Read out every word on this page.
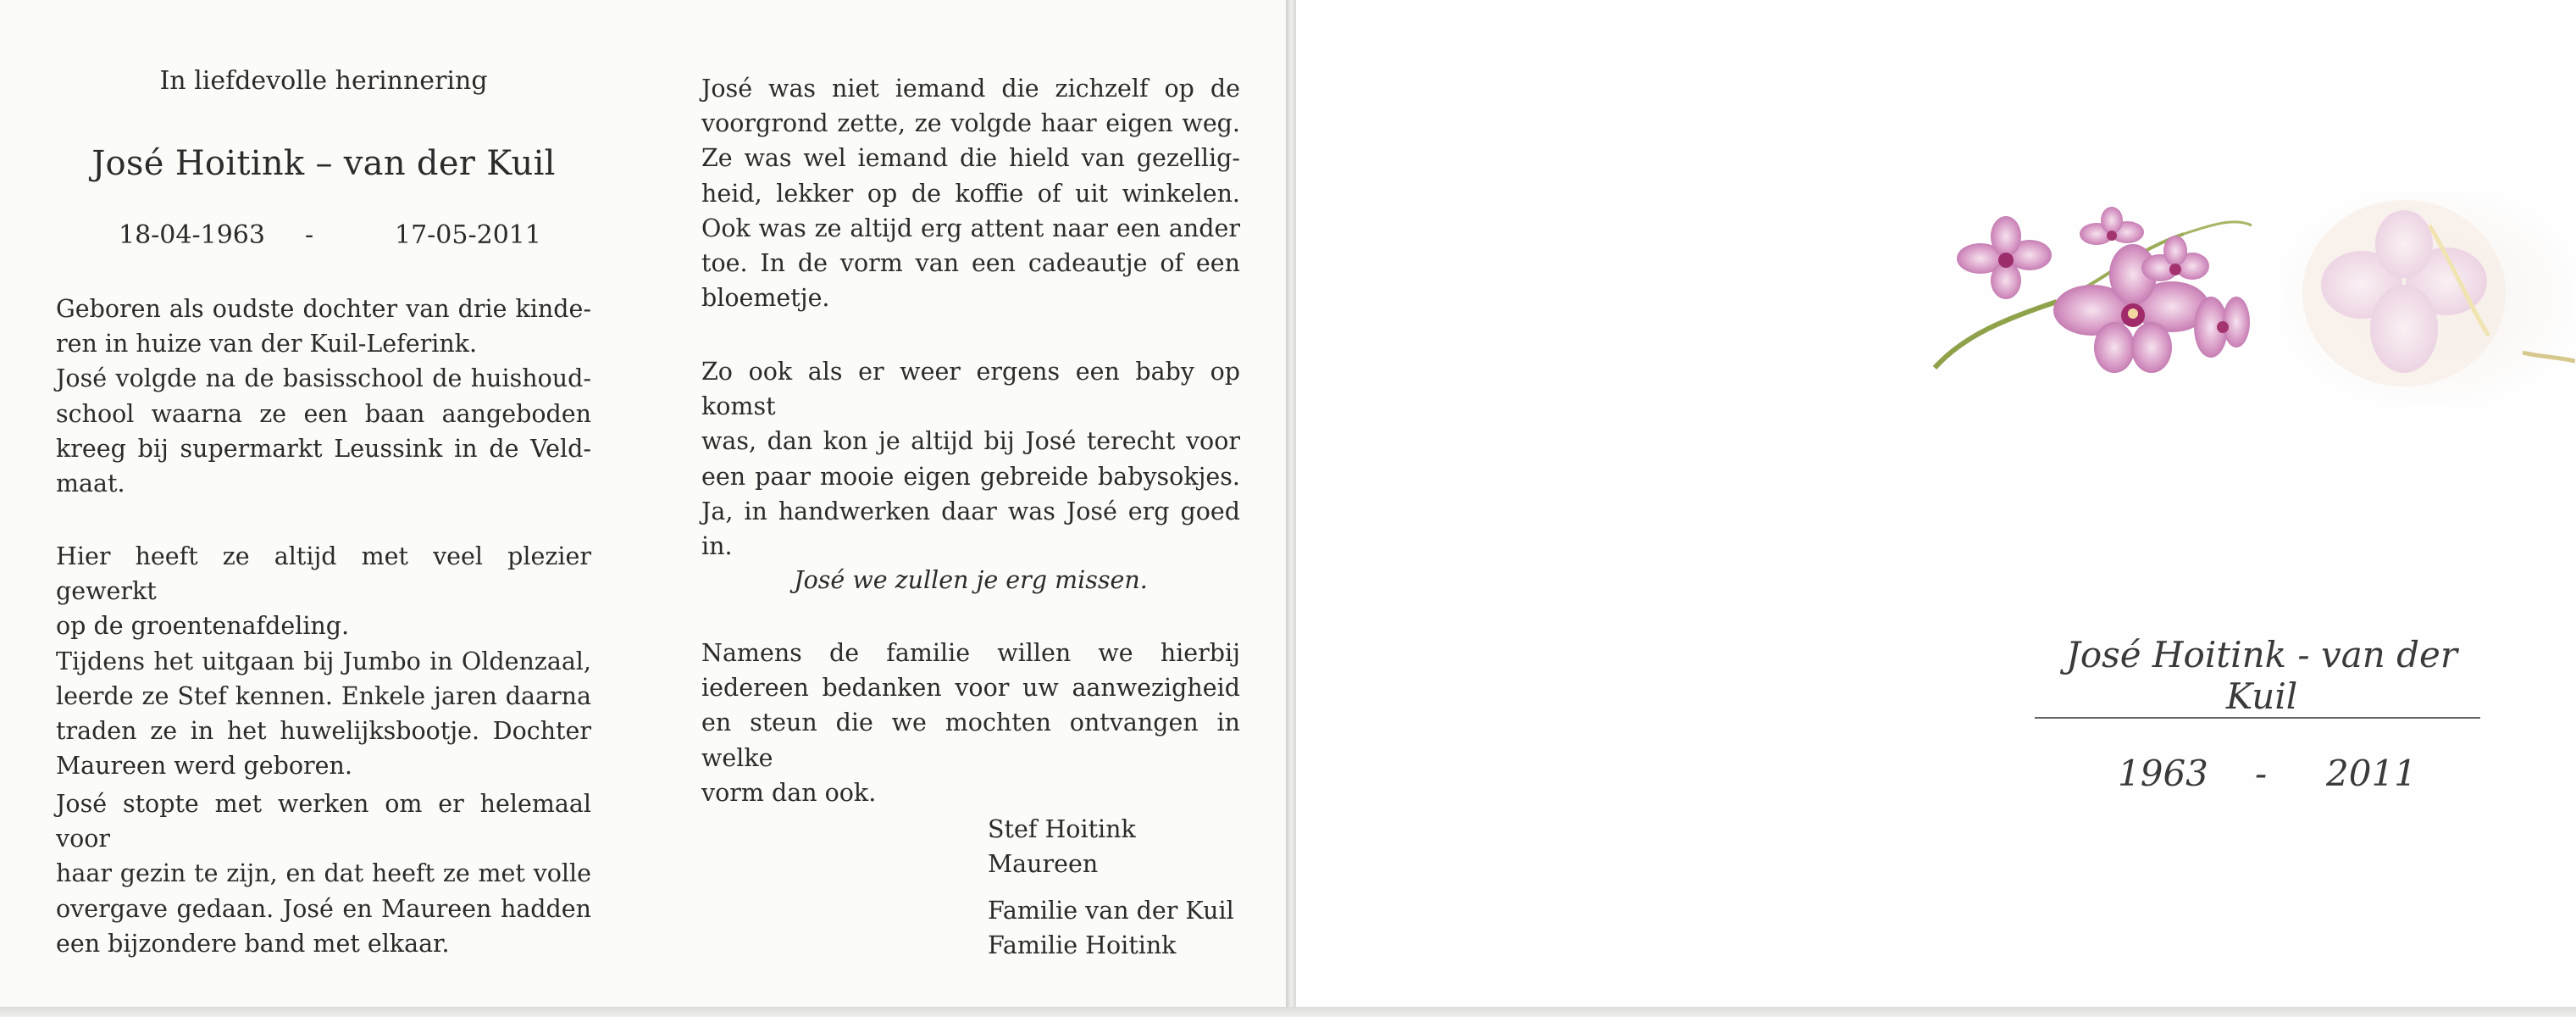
In liefdevolle herinnering
José Hoitink – van der Kuil
18-04-1963 -	17-05-2011

Geboren als oudste dochter van drie kinde-

ren in huize van der Kuil-Leferink.

José volgde na de basisschool de huishoud-

school waarna ze een baan aangeboden

kreeg bij supermarkt Leussink in de Veld-

maat.

Hier heeft ze altijd met veel plezier gewerkt

op de groentenafdeling.

Tijdens het uitgaan bij Jumbo in Oldenzaal,

leerde ze Stef kennen. Enkele jaren daarna

traden ze in het huwelijksbootje. Dochter

Maureen werd geboren.

José stopte met werken om er helemaal voor

haar gezin te zijn, en dat heeft ze met volle

overgave gedaan. José en Maureen hadden

een bijzondere band met elkaar.

José was niet iemand die zichzelf op de

voorgrond zette, ze volgde haar eigen weg.

Ze was wel iemand die hield van gezellig-

heid, lekker op de koffie of uit winkelen.

Ook was ze altijd erg attent naar een ander

toe. In de vorm van een cadeautje of een

bloemetje.

Zo ook als er weer ergens een baby op komst

was, dan kon je altijd bij José terecht voor

een paar mooie eigen gebreide babysokjes.

Ja, in handwerken daar was José erg goed

in.

José we zullen je erg missen.

Namens de familie willen we hierbij

iedereen bedanken voor uw aanwezigheid

en steun die we mochten ontvangen in welke

vorm dan ook.

Stef Hoitink
Maureen
Familie van der Kuil
Familie Hoitink
José Hoitink - van der Kuil
1963 - 2011
